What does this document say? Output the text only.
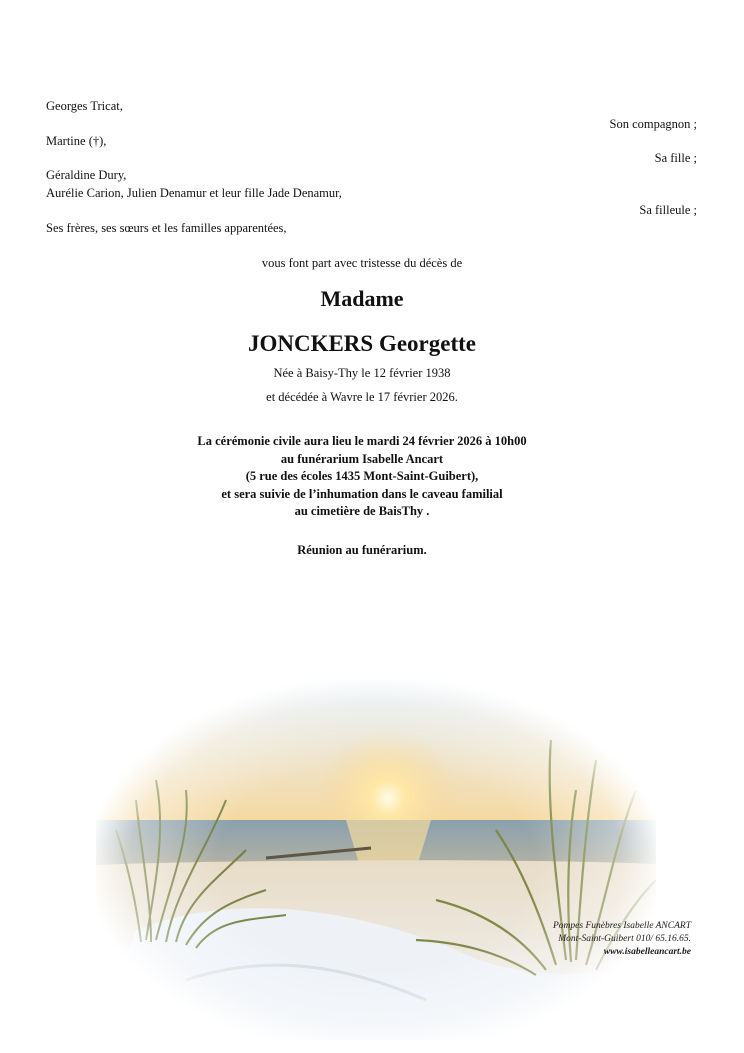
Georges Tricat,
Son compagnon ;
Martine (†),
Sa fille ;
Géraldine Dury,
Aurélie Carion, Julien Denamur et leur fille Jade Denamur,
Sa filleule ;
Ses frères, ses sœurs et les familles apparentées,
vous font part avec tristesse du décès de
Madame
JONCKERS Georgette
Née à Baisy-Thy le 12 février 1938
et décédée à Wavre le 17 février 2026.
La cérémonie civile aura lieu le mardi 24 février 2026 à 10h00
au funérarium Isabelle Ancart
(5 rue des écoles 1435 Mont-Saint-Guibert),
et sera suivie de l’inhumation dans le caveau familial
au cimetière de BaisThy .
Réunion au funérarium.
Pompes Funèbres Isabelle ANCART
Mont-Saint-Guibert 010/ 65.16.65.
www.isabelleancart.be
